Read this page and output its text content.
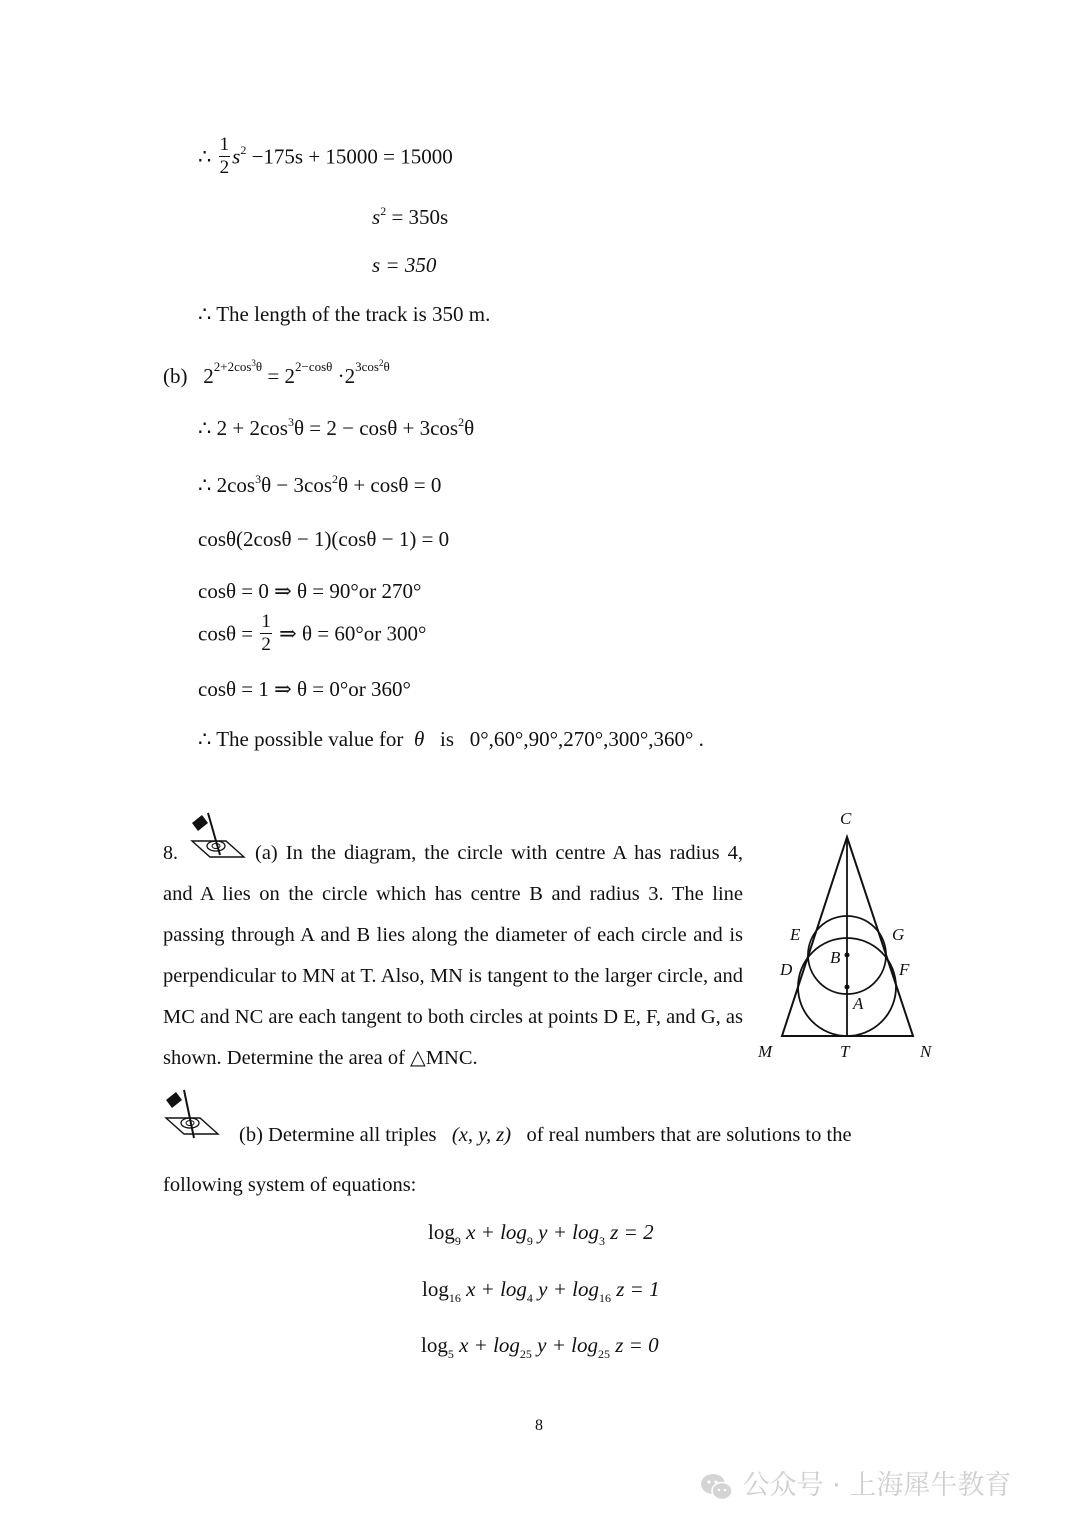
∴ $\frac{1}{2} s^2 -175s + 15000 = 15000$
$s^2 = 350s$
s = 350
∴ The length of the track is 350 m.
(b) $2^{2+2cos^3\theta} = 2^{2-cos\theta} \cdot 2^{3cos^2\theta}$
∴ $2 + 2\cos^3\theta = 2 - \cos\theta + 3\cos^2\theta$
∴ $2\cos^3\theta - 3\cos^2\theta + \cos\theta = 0$
cosθ(2cosθ − 1)(cosθ − 1) = 0
cosθ = 0 ⇒ θ = 90°or 270°
$\cos\theta = \frac{1}{2}$ ⇒ θ = 60°or 300°
cosθ = 1 ⇒ θ = 0°or 360°
∴ The possible value for θ is 0°,60°,90°,270°,300°,360° .
8.	(a) In the diagram, the circle with centre A has radius 4, and A lies on the circle which has centre B and radius 3. The line passing through A and B lies along the diameter of each circle and is perpendicular to MN at T. Also, MN is tangent to the larger circle, and MC and NC are each tangent to both circles at points D E, F, and G, as shown. Determine the area of △MNC.
C
E	G
B
D	F
A
M	T	N
(b) Determine all triples (x, y, z) of real numbers that are solutions to the
following system of equations:
$\log_9 x + \log_9 y + \log_3 z = 2$
$\log_{16} x + \log_4 y + \log_{16} z = 1$
$\log_5 x + \log_{25} y + \log_{25} z = 0$
8
公众号 · 上海犀牛教育
